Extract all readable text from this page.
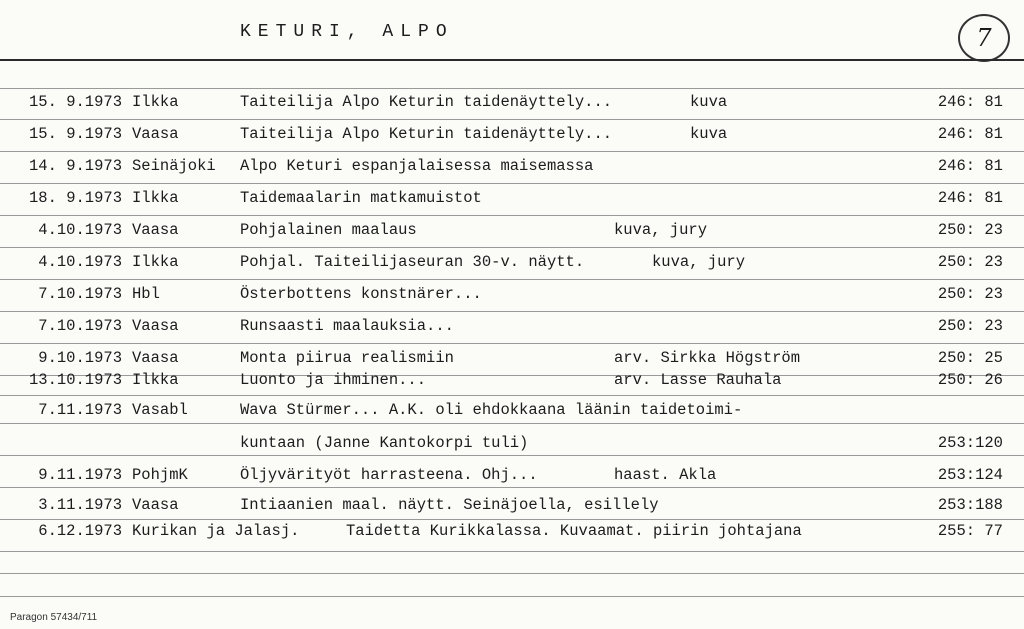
KETURI, ALPO	7
15. 9.1973 Ilkka	Taiteilija Alpo Keturin taidenäyttely...	kuva	246: 81
15. 9.1973 Vaasa	Taiteilija Alpo Keturin taidenäyttely...	kuva	246: 81
14. 9.1973 Seinäjoki Alpo Keturi espanjalaisessa maisemassa	246: 81
18. 9.1973 Ilkka	Taidemaalarin matkamuistot	246: 81
4.10.1973 Vaasa	Pohjalainen maalaus	kuva, jury	250: 23
4.10.1973 Ilkka	Pohjal. Taiteilijaseuran 30-v. näytt.	kuva, jury	250: 23
7.10.1973 Hbl	Österbottens konstnärer...	250: 23
7.10.1973 Vaasa	Runsaasti maalauksia...	250: 23
9.10.1973 Vaasa	Monta piirua realismiin	arv. Sirkka Högström	250: 25
13.10.1973 Ilkka	Luonto ja ihminen...	arv. Lasse Rauhala	250: 26
7.11.1973 Vasabl	Wava Stürmer... A.K. oli ehdokkaana läänin taidetoimi-
kuntaan (Janne Kantokorpi tuli)	253:120
9.11.1973 PohjmK	Öljyvärityöt harrasteena. Ohj...	haast. Akla	253:124
3.11.1973 Vaasa	Intiaanien maal. näytt. Seinäjoella, esillely	253:188
6.12.1973 Kurikan ja Jalasj.	Taidetta Kurikkalassa. Kuvaamat. piirin johtajana	255: 77
Paragon 57434/711
